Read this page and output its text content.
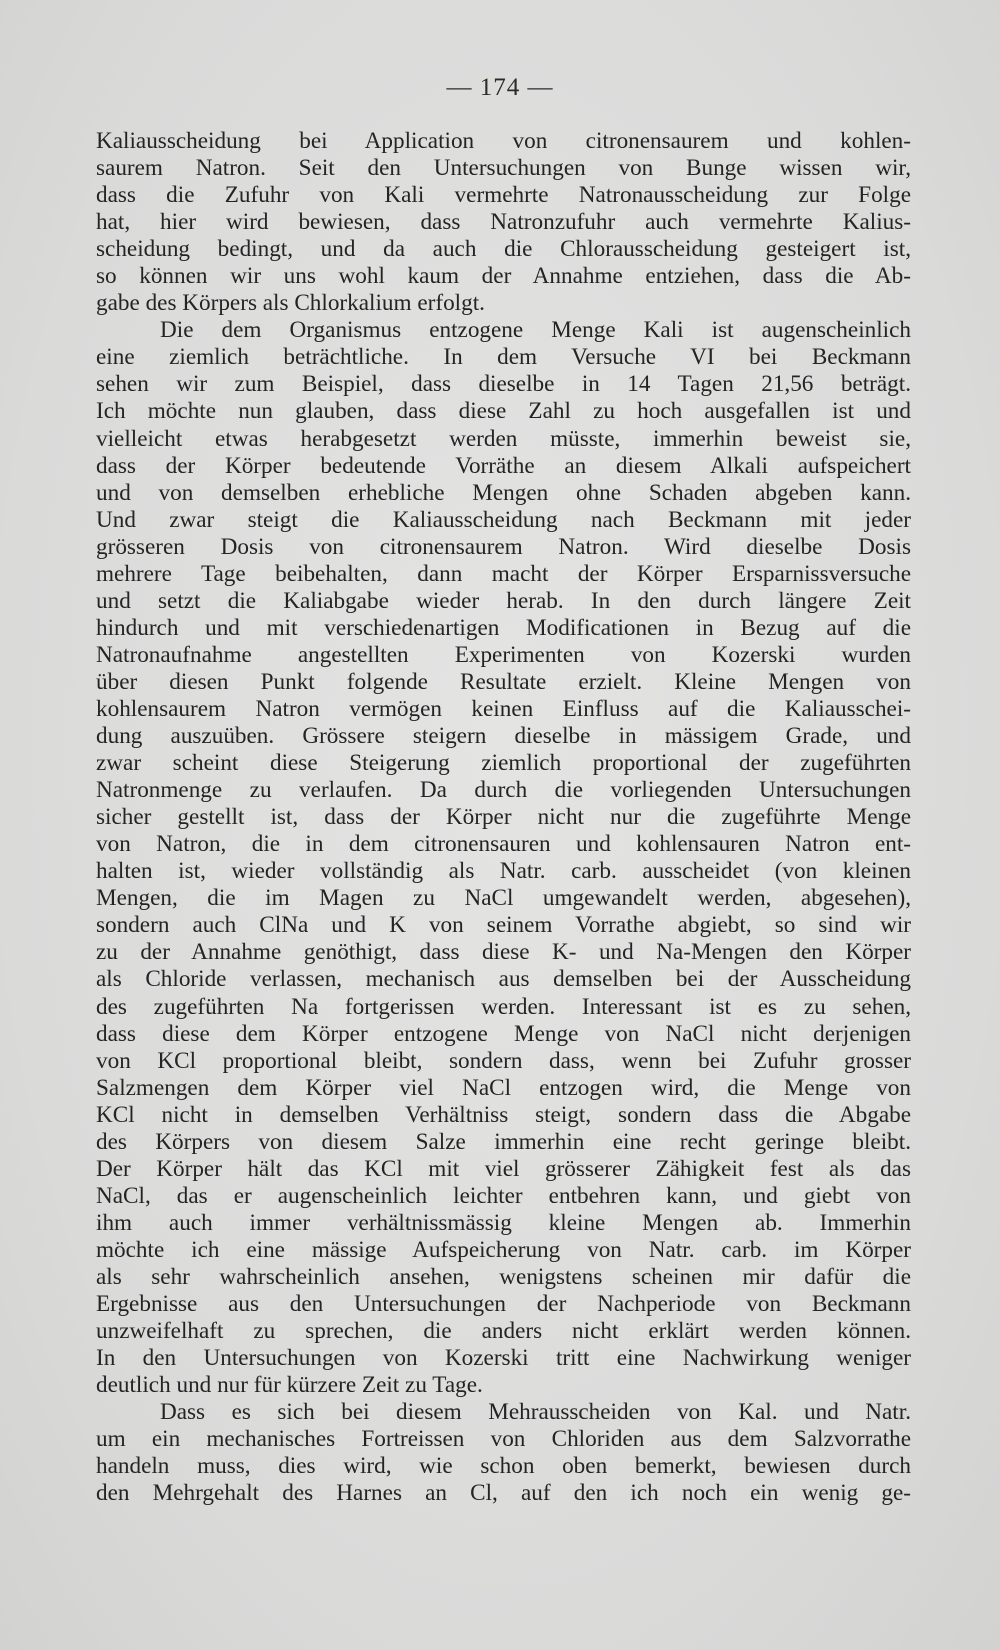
— 174 —
Kaliausscheidung bei Application von citronensaurem und kohlen-
saurem Natron. Seit den Untersuchungen von Bunge wissen wir,
dass die Zufuhr von Kali vermehrte Natronausscheidung zur Folge
hat, hier wird bewiesen, dass Natronzufuhr auch vermehrte Kalius-
scheidung bedingt, und da auch die Chlorausscheidung gesteigert ist,
so können wir uns wohl kaum der Annahme entziehen, dass die Ab-
gabe des Körpers als Chlorkalium erfolgt.
Die dem Organismus entzogene Menge Kali ist augenscheinlich
eine ziemlich beträchtliche. In dem Versuche VI bei Beckmann
sehen wir zum Beispiel, dass dieselbe in 14 Tagen 21,56 beträgt.
Ich möchte nun glauben, dass diese Zahl zu hoch ausgefallen ist und
vielleicht etwas herabgesetzt werden müsste, immerhin beweist sie,
dass der Körper bedeutende Vorräthe an diesem Alkali aufspeichert
und von demselben erhebliche Mengen ohne Schaden abgeben kann.
Und zwar steigt die Kaliausscheidung nach Beckmann mit jeder
grösseren Dosis von citronensaurem Natron. Wird dieselbe Dosis
mehrere Tage beibehalten, dann macht der Körper Ersparnissversuche
und setzt die Kaliabgabe wieder herab. In den durch längere Zeit
hindurch und mit verschiedenartigen Modificationen in Bezug auf die
Natronaufnahme angestellten Experimenten von Kozerski wurden
über diesen Punkt folgende Resultate erzielt. Kleine Mengen von
kohlensaurem Natron vermögen keinen Einfluss auf die Kaliausschei-
dung auszuüben. Grössere steigern dieselbe in mässigem Grade, und
zwar scheint diese Steigerung ziemlich proportional der zugeführten
Natronmenge zu verlaufen. Da durch die vorliegenden Untersuchungen
sicher gestellt ist, dass der Körper nicht nur die zugeführte Menge
von Natron, die in dem citronensauren und kohlensauren Natron ent-
halten ist, wieder vollständig als Natr. carb. ausscheidet (von kleinen
Mengen, die im Magen zu NaCl umgewandelt werden, abgesehen),
sondern auch ClNa und K von seinem Vorrathe abgiebt, so sind wir
zu der Annahme genöthigt, dass diese K- und Na-Mengen den Körper
als Chloride verlassen, mechanisch aus demselben bei der Ausscheidung
des zugeführten Na fortgerissen werden. Interessant ist es zu sehen,
dass diese dem Körper entzogene Menge von NaCl nicht derjenigen
von KCl proportional bleibt, sondern dass, wenn bei Zufuhr grosser
Salzmengen dem Körper viel NaCl entzogen wird, die Menge von
KCl nicht in demselben Verhältniss steigt, sondern dass die Abgabe
des Körpers von diesem Salze immerhin eine recht geringe bleibt.
Der Körper hält das KCl mit viel grösserer Zähigkeit fest als das
NaCl, das er augenscheinlich leichter entbehren kann, und giebt von
ihm auch immer verhältnissmässig kleine Mengen ab. Immerhin
möchte ich eine mässige Aufspeicherung von Natr. carb. im Körper
als sehr wahrscheinlich ansehen, wenigstens scheinen mir dafür die
Ergebnisse aus den Untersuchungen der Nachperiode von Beckmann
unzweifelhaft zu sprechen, die anders nicht erklärt werden können.
In den Untersuchungen von Kozerski tritt eine Nachwirkung weniger
deutlich und nur für kürzere Zeit zu Tage.
Dass es sich bei diesem Mehrausscheiden von Kal. und Natr.
um ein mechanisches Fortreissen von Chloriden aus dem Salzvorrathe
handeln muss, dies wird, wie schon oben bemerkt, bewiesen durch
den Mehrgehalt des Harnes an Cl, auf den ich noch ein wenig ge-
